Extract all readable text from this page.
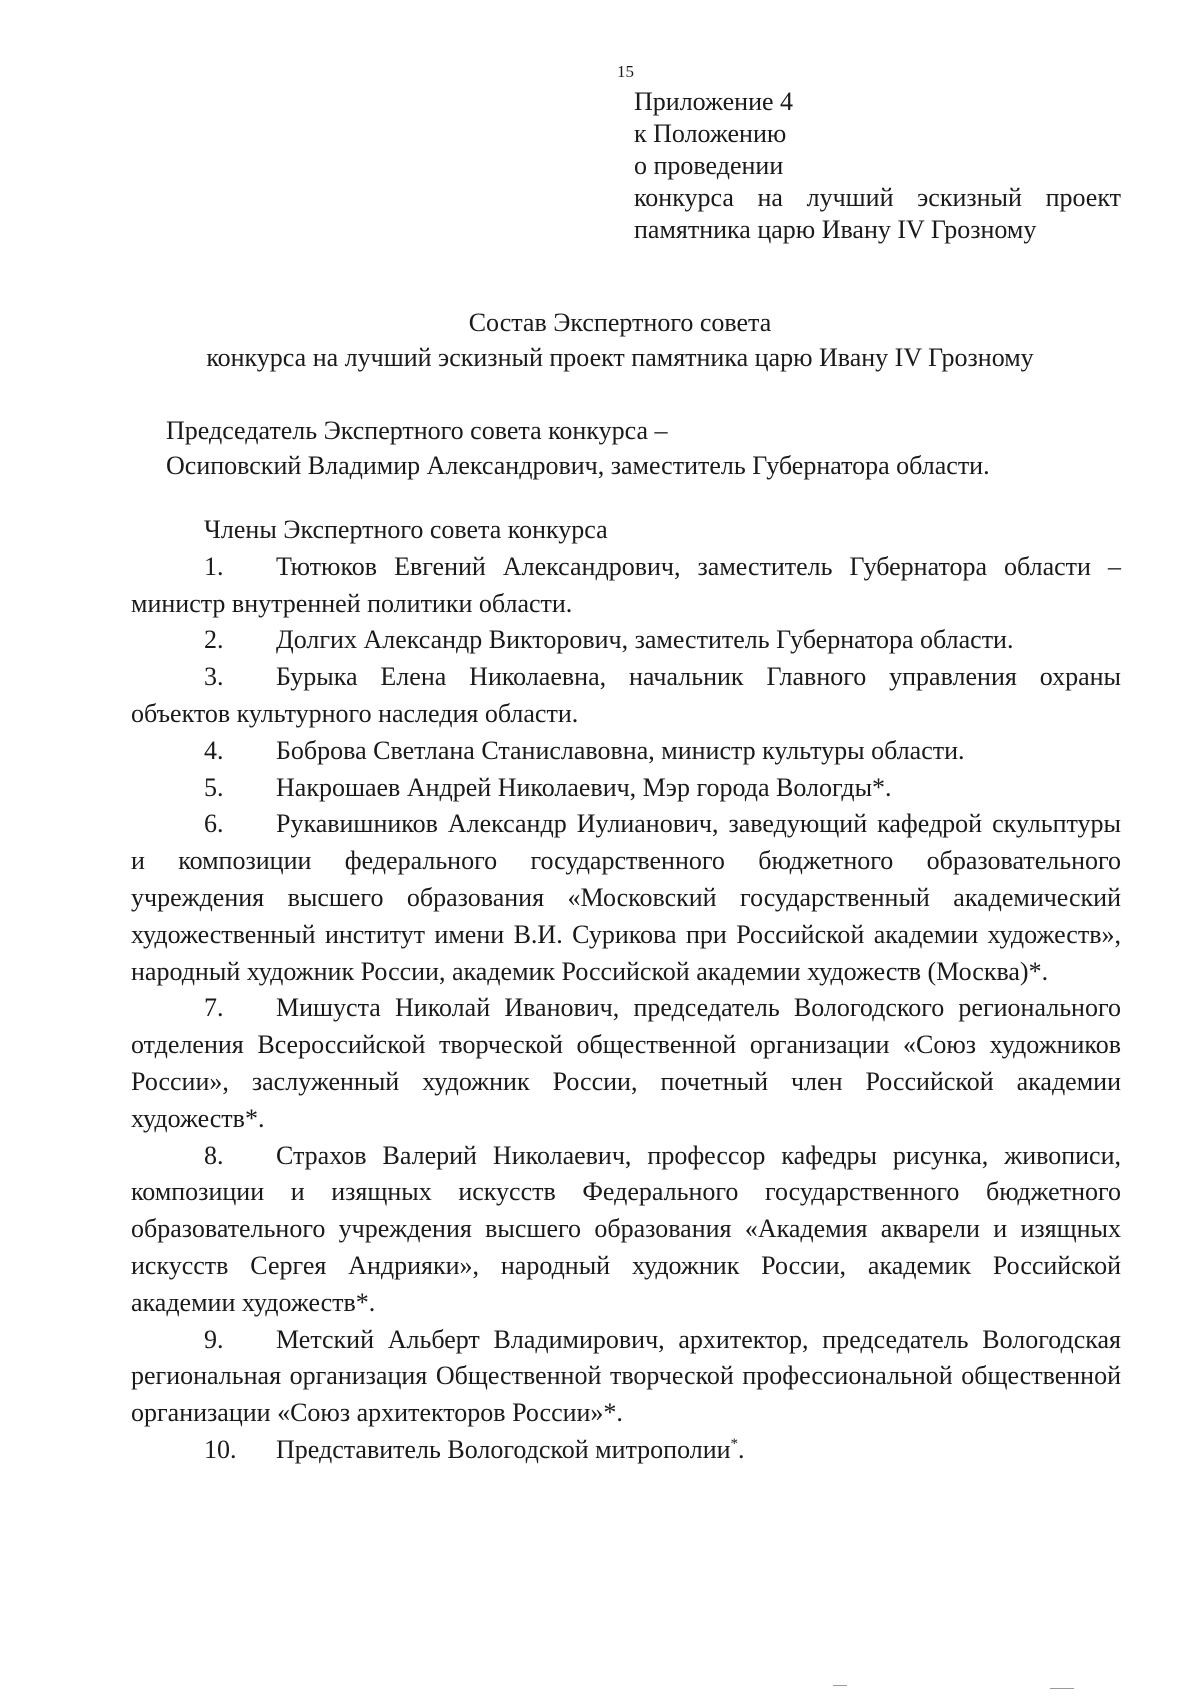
15
Приложение 4
к Положению
о проведении
конкурса на лучший эскизный проект
памятника царю Ивану IV Грозному
Состав Экспертного совета
конкурса на лучший эскизный проект памятника царю Ивану IV Грозному
Председатель Экспертного совета конкурса –
Осиповский Владимир Александрович, заместитель Губернатора области.
Члены Экспертного совета конкурса

1. Тютюков Евгений Александрович, заместитель Губернатора области – министр внутренней политики области.

2. Долгих Александр Викторович, заместитель Губернатора области.

3. Бурыка Елена Николаевна, начальник Главного управления охраны объектов культурного наследия области.

4. Боброва Светлана Станиславовна, министр культуры области.

5. Накрошаев Андрей Николаевич, Мэр города Вологды*.

6. Рукавишников Александр Иулианович, заведующий кафедрой скульптуры и композиции федерального государственного бюджетного образовательного учреждения высшего образования «Московский государственный академический художественный институт имени В.И. Сурикова при Российской академии художеств», народный художник России, академик Российской академии художеств (Москва)*.

7. Мишуста Николай Иванович, председатель Вологодского регионального отделения Всероссийской творческой общественной организации «Союз художников России», заслуженный художник России, почетный член Российской академии художеств*.

8. Страхов Валерий Николаевич, профессор кафедры рисунка, живописи, композиции и изящных искусств Федерального государственного бюджетного образовательного учреждения высшего образования «Академия акварели и изящных искусств Сергея Андрияки», народный художник России, академик Российской академии художеств*.

9. Метский Альберт Владимирович, архитектор, председатель Вологодская региональная организация Общественной творческой профессиональной общественной организации «Союз архитекторов России»*.

10. Представитель Вологодской митрополии*.
